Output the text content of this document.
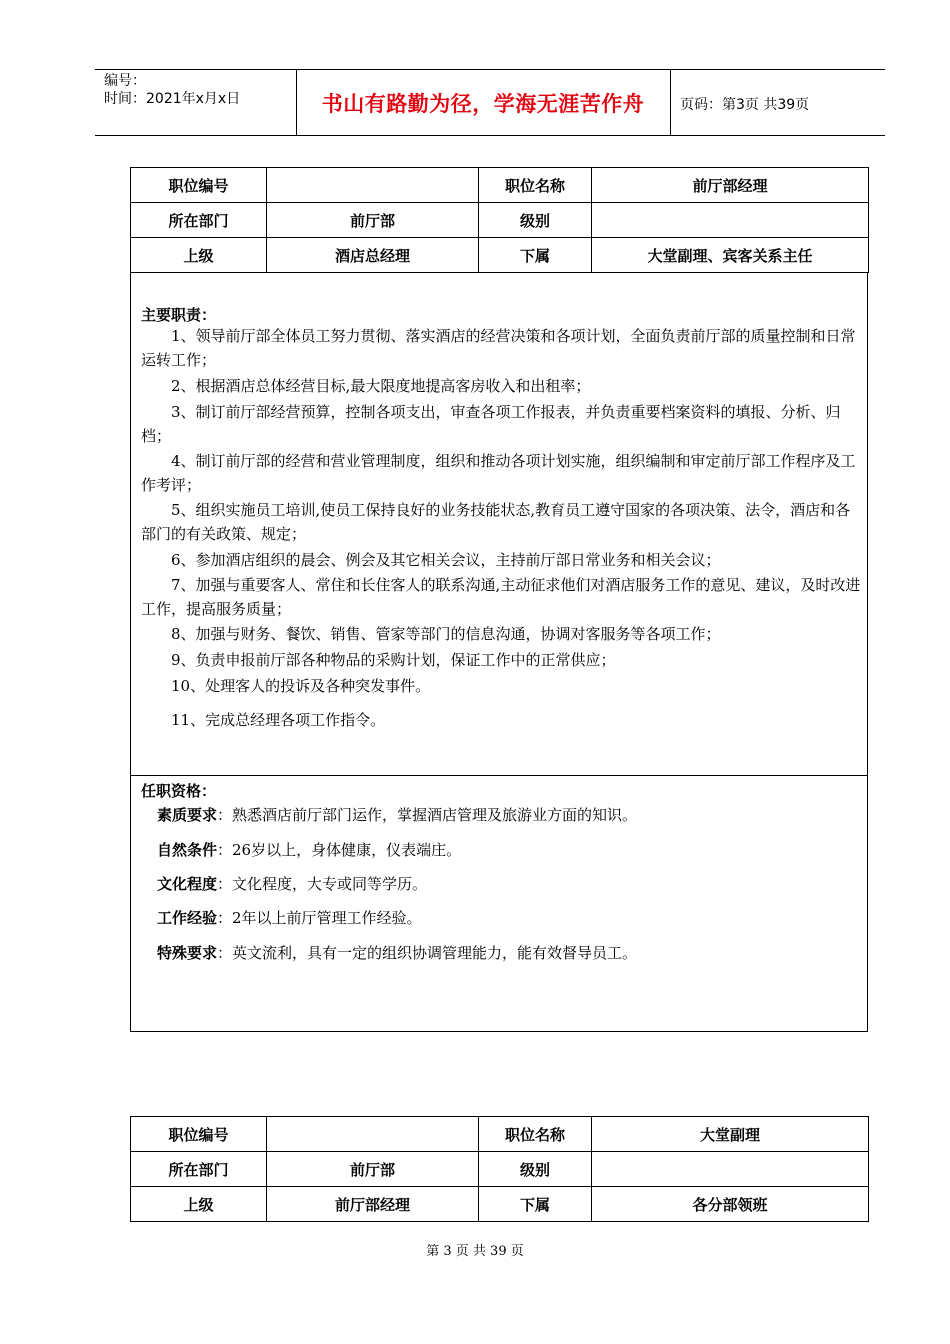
编号：
时间：2021年x月x日	书山有路勤为径，学海无涯苦作舟	页码：第3页 共39页
职位编号		职位名称	前厅部经理
所在部门	前厅部	级别	
上级	酒店总经理	下属	大堂副理、宾客关系主任
主要职责：
1、领导前厅部全体员工努力贯彻、落实酒店的经营决策和各项计划，全面负责前厅部的质量控制和日常运转工作；
2、根据酒店总体经营目标,最大限度地提高客房收入和出租率；
3、制订前厅部经营预算，控制各项支出，审查各项工作报表，并负责重要档案资料的填报、分析、归档；
4、制订前厅部的经营和营业管理制度，组织和推动各项计划实施，组织编制和审定前厅部工作程序及工作考评；
5、组织实施员工培训,使员工保持良好的业务技能状态,教育员工遵守国家的各项决策、法令，酒店和各部门的有关政策、规定；
6、参加酒店组织的晨会、例会及其它相关会议，主持前厅部日常业务和相关会议；
7、加强与重要客人、常住和长住客人的联系沟通,主动征求他们对酒店服务工作的意见、建议，及时改进工作，提高服务质量；
8、加强与财务、餐饮、销售、管家等部门的信息沟通，协调对客服务等各项工作；
9、负责申报前厅部各种物品的采购计划，保证工作中的正常供应；
10、处理客人的投诉及各种突发事件。
11、完成总经理各项工作指令。
任职资格：
素质要求：熟悉酒店前厅部门运作，掌握酒店管理及旅游业方面的知识。
自然条件：26岁以上，身体健康，仪表端庄。
文化程度：文化程度，大专或同等学历。
工作经验：2年以上前厅管理工作经验。
特殊要求：英文流利，具有一定的组织协调管理能力，能有效督导员工。
职位编号		职位名称	大堂副理
所在部门	前厅部	级别	
上级	前厅部经理	下属	各分部领班
第 3 页 共 39 页
